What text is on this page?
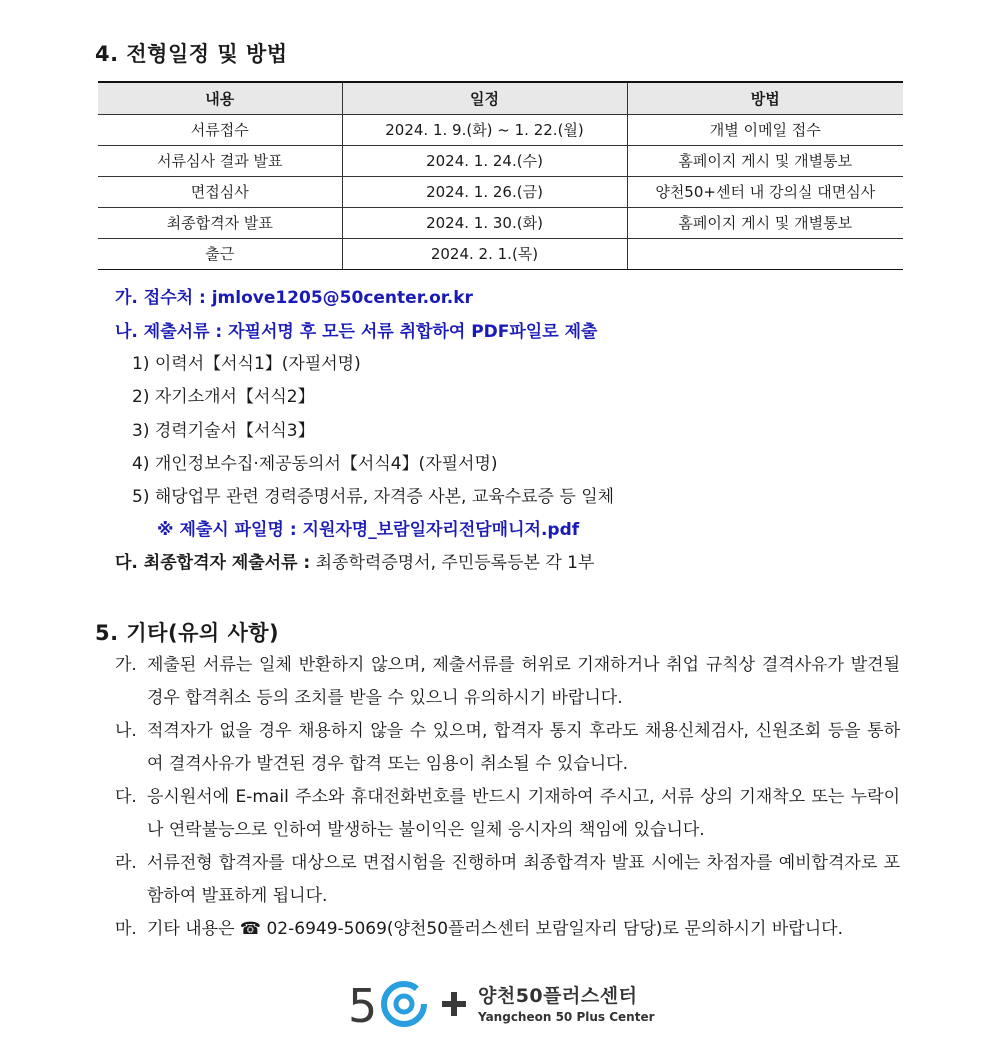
4. 전형일정 및 방법
내용	일정	방법
서류접수	2024. 1. 9.(화) ~ 1. 22.(월)	개별 이메일 접수
서류심사 결과 발표	2024. 1. 24.(수)	홈페이지 게시 및 개별통보
면접심사	2024. 1. 26.(금)	양천50+센터 내 강의실 대면심사
최종합격자 발표	2024. 1. 30.(화)	홈페이지 게시 및 개별통보
출근	2024. 2. 1.(목)	

가. 접수처 : jmlove1205@50center.or.kr

나. 제출서류 : 자필서명 후 모든 서류 취합하여 PDF파일로 제출

1) 이력서【서식1】(자필서명)

2) 자기소개서【서식2】

3) 경력기술서【서식3】

4) 개인정보수집·제공동의서【서식4】(자필서명)

5) 해당업무 관련 경력증명서류, 자격증 사본, 교육수료증 등 일체

※ 제출시 파일명 : 지원자명_보람일자리전담매니저.pdf

다. 최종합격자 제출서류 : 최종학력증명서, 주민등록등본 각 1부

5. 기타(유의 사항)
가. 제출된 서류는 일체 반환하지 않으며, 제출서류를 허위로 기재하거나 취업 규칙상 결격사유가 발견될 경우 합격취소 등의 조치를 받을 수 있으니 유의하시기 바랍니다.
나. 적격자가 없을 경우 채용하지 않을 수 있으며, 합격자 통지 후라도 채용신체검사, 신원조회 등을 통하여 결격사유가 발견된 경우 합격 또는 임용이 취소될 수 있습니다.
다. 응시원서에 E-mail 주소와 휴대전화번호를 반드시 기재하여 주시고, 서류 상의 기재착오 또는 누락이나 연락불능으로 인하여 발생하는 불이익은 일체 응시자의 책임에 있습니다.
라. 서류전형 합격자를 대상으로 면접시험을 진행하며 최종합격자 발표 시에는 차점자를 예비합격자로 포함하여 발표하게 됩니다.
마. 기타 내용은 ☎ 02-6949-5069(양천50플러스센터 보람일자리 담당)로 문의하시기 바랍니다.
5	양천50플러스센터
Yangcheon 50 Plus Center
